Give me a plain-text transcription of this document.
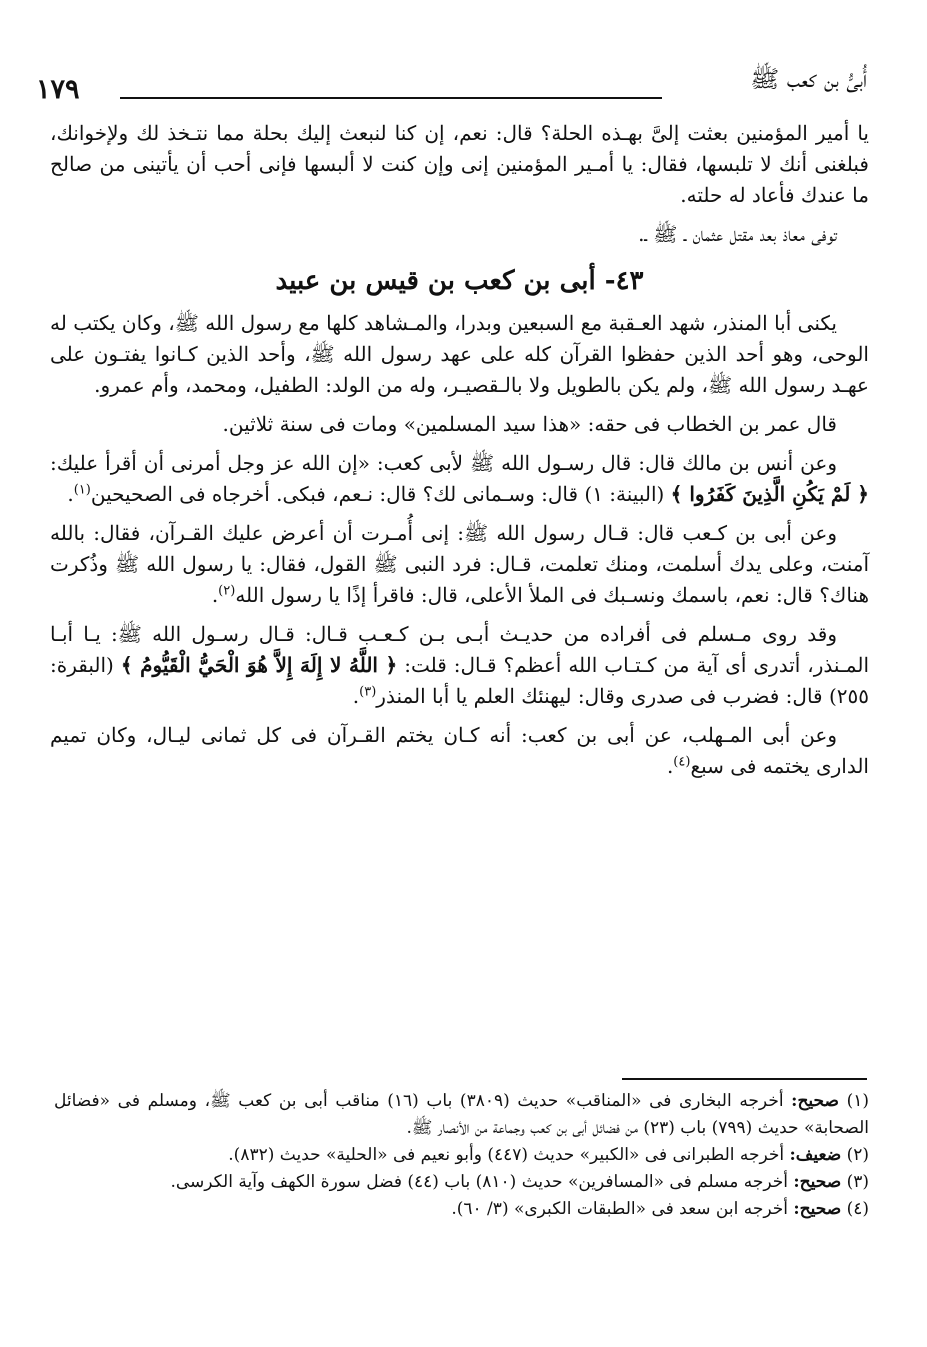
أُبىُّ بن كعب ﷺ
١٧٩

يا أمير المؤمنين بعثت إلىَّ بهـذه الحلة؟ قال: نعم، إن كنا لنبعث إليك بحلة مما نتـخذ لك ولإخوانك، فبلغنى أنك لا تلبسها، فقال: يا أمـير المؤمنين إنى وإن كنت لا ألبسها فإنى أحب أن يأتينى من صالح ما عندك فأعاد له حلته.

توفى معاذ بعد مقتل عثمان ـ ﷺ ـ.

٤٣- أبى بن كعب بن قيس بن عبيد

يكنى أبا المنذر، شهد العـقبة مع السبعين وبدرا، والمـشاهد كلها مع رسول الله ﷺ، وكان يكتب له الوحى، وهو أحد الذين حفظوا القرآن كله على عهد رسول الله ﷺ، وأحد الذين كـانوا يفتـون على عهـد رسول الله ﷺ، ولم يكن بالطويل ولا بالـقصيـر، وله من الولد: الطفيل، ومحمد، وأم عمرو.

قال عمر بن الخطاب فى حقه: «هذا سيد المسلمين» ومات فى سنة ثلاثين.

وعن أنس بن مالك قال: قال رسـول الله ﷺ لأبى كعب: «إن الله عز وجل أمرنى أن أقرأ عليك: ﴿ لَمْ يَكُنِ الَّذِينَ كَفَرُوا ﴾ (البينة: ١) قال: وسـمانى لك؟ قال: نـعم، فبكى. أخرجاه فى الصحيحين$^{(١)}$.

وعن أبى بن كـعب قال: قـال رسول الله ﷺ: إنى أُمـرت أن أعرض عليك القـرآن، فقال: بالله آمنت، وعلى يدك أسلمت، ومنك تعلمت، قـال: فرد النبى ﷺ القول، فقال: يا رسول الله ﷺ وذُكرت هناك؟ قال: نعم، باسمك ونسـبك فى الملأ الأعلى، قال: فاقرأ إذًا يا رسول الله$^{(٢)}$.

وقد روى مـسلم فى أفراده من حديـث أبـى بـن كـعـب قـال: قـال رسـول الله ﷺ: يـا أبـا المـنذر، أتدرى أى آية من كـتـاب الله أعظم؟ قـال: قلت: ﴿ اللَّهُ لا إِلَهَ إِلاَّ هُوَ الْحَيُّ الْقَيُّومُ ﴾ (البقرة: ٢٥٥) قال: فضرب فى صدرى وقال: ليهنئك العلم يا أبا المنذر$^{(٣)}$.

وعن أبى المـهلب، عن أبى بن كعب: أنه كـان يختم القـرآن فى كل ثمانى ليـال، وكان تميم الدارى يختمه فى سبع$^{(٤)}$.

(١) صحيح: أخرجه البخارى فى «المناقب» حديث (٣٨٠٩) باب (١٦) مناقب أبى بن كعب ﷺ، ومسلم فى «فضائل الصحابة» حديث (٧٩٩) باب (٢٣) من فضائل أبى بن كعب وجماعة من الأنصار ﷺ.

(٢) ضعيف: أخرجه الطبرانى فى «الكبير» حديث (٤٤٧) وأبو نعيم فى «الحلية» حديث (٨٣٢).

(٣) صحيح: أخرجه مسلم فى «المسافرين» حديث (٨١٠) باب (٤٤) فضل سورة الكهف وآية الكرسى.

(٤) صحيح: أخرجه ابن سعد فى «الطبقات الكبرى» (٣/ ٦٠).
